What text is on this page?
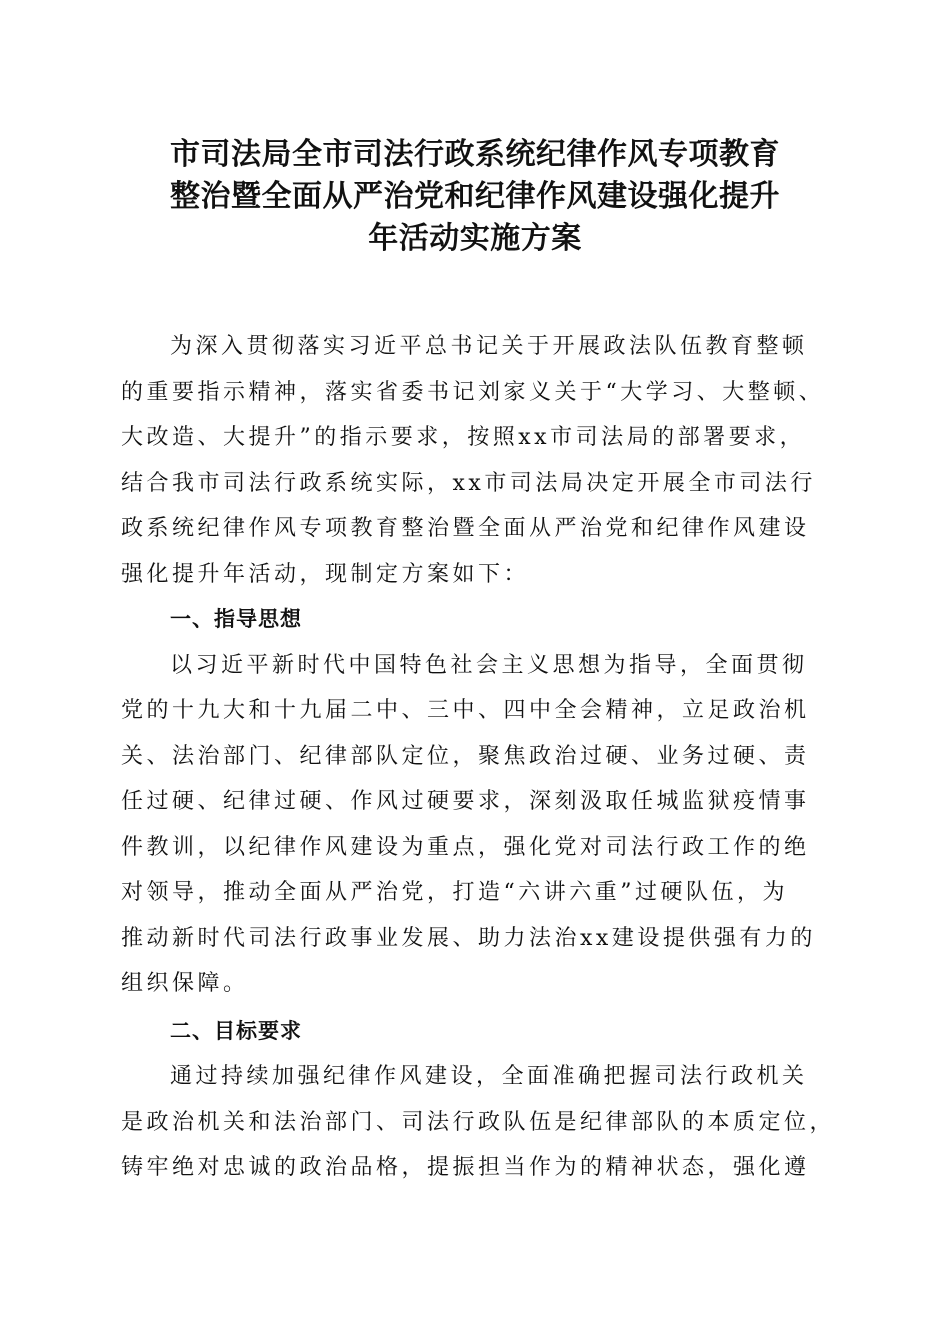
市司法局全市司法行政系统纪律作风专项教育
整治暨全面从严治党和纪律作风建设强化提升
年活动实施方案
为深入贯彻落实习近平总书记关于开展政法队伍教育整顿
的重要指示精神，落实省委书记刘家义关于“大学习、大整顿、
大改造、大提升”的指示要求，按照xx市司法局的部署要求，
结合我市司法行政系统实际，xx市司法局决定开展全市司法行
政系统纪律作风专项教育整治暨全面从严治党和纪律作风建设
强化提升年活动，现制定方案如下：
一、指导思想
以习近平新时代中国特色社会主义思想为指导，全面贯彻
党的十九大和十九届二中、三中、四中全会精神，立足政治机
关、法治部门、纪律部队定位，聚焦政治过硬、业务过硬、责
任过硬、纪律过硬、作风过硬要求，深刻汲取任城监狱疫情事
件教训，以纪律作风建设为重点，强化党对司法行政工作的绝
对领导，推动全面从严治党，打造“六讲六重”过硬队伍，为
推动新时代司法行政事业发展、助力法治xx建设提供强有力的
组织保障。
二、目标要求
通过持续加强纪律作风建设，全面准确把握司法行政机关
是政治机关和法治部门、司法行政队伍是纪律部队的本质定位，
铸牢绝对忠诚的政治品格，提振担当作为的精神状态，强化遵
